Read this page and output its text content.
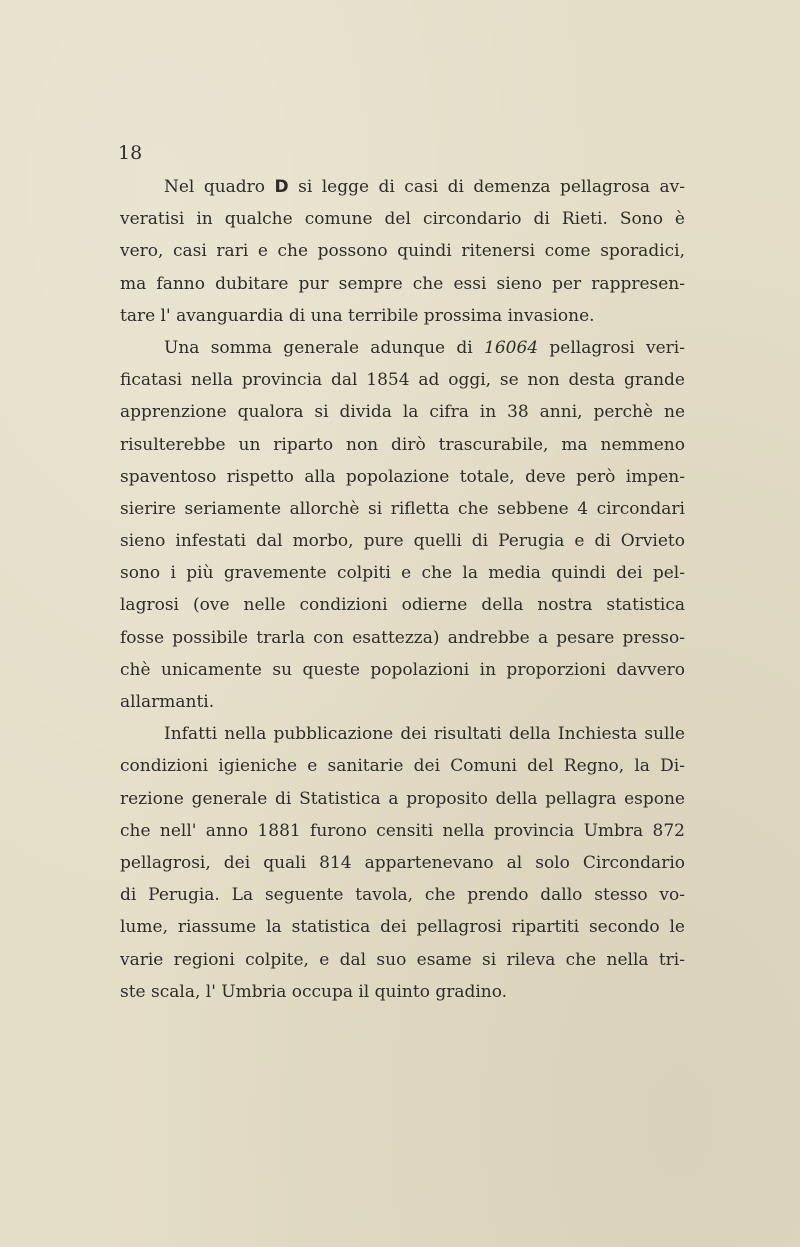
18
Nel quadro D si legge di casi di demenza pellagrosa av-
veratisi in qualche comune del circondario di Rieti. Sono è
vero, casi rari e che possono quindi ritenersi come sporadici,
ma fanno dubitare pur sempre che essi sieno per rappresen-
tare l' avanguardia di una terribile prossima invasione.
Una somma generale adunque di 16064 pellagrosi veri-
ficatasi nella provincia dal 1854 ad oggi, se non desta grande
apprenzione qualora si divida la cifra in 38 anni, perchè ne
risulterebbe un riparto non dirò trascurabile, ma nemmeno
spaventoso rispetto alla popolazione totale, deve però impen-
sierire seriamente allorchè si rifletta che sebbene 4 circondari
sieno infestati dal morbo, pure quelli di Perugia e di Orvieto
sono i più gravemente colpiti e che la media quindi dei pel-
lagrosi (ove nelle condizioni odierne della nostra statistica
fosse possibile trarla con esattezza) andrebbe a pesare presso-
chè unicamente su queste popolazioni in proporzioni davvero
allarmanti.
Infatti nella pubblicazione dei risultati della Inchiesta sulle
condizioni igieniche e sanitarie dei Comuni del Regno, la Di-
rezione generale di Statistica a proposito della pellagra espone
che nell' anno 1881 furono censiti nella provincia Umbra 872
pellagrosi, dei quali 814 appartenevano al solo Circondario
di Perugia. La seguente tavola, che prendo dallo stesso vo-
lume, riassume la statistica dei pellagrosi ripartiti secondo le
varie regioni colpite, e dal suo esame si rileva che nella tri-
ste scala, l' Umbria occupa il quinto gradino.
